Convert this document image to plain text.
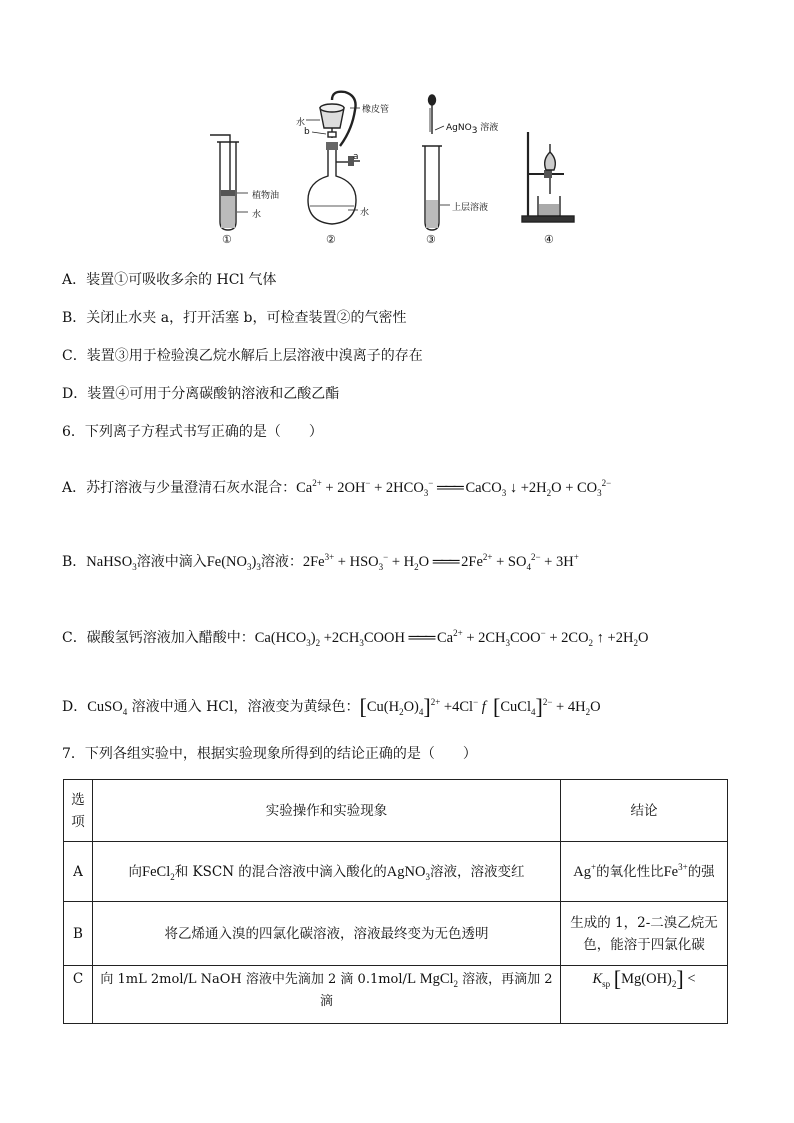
植物油
水
橡皮管
水
b
a
水
AgNO$_3$ 溶液
上层溶液
①	②	③	④
A．装置①可吸收多余的 HCl 气体
B．关闭止水夹 a，打开活塞 b，可检查装置②的气密性
C．装置③用于检验溴乙烷水解后上层溶液中溴离子的存在
D．装置④可用于分离碳酸钠溶液和乙酸乙酯
6．下列离子方程式书写正确的是（　　）
A．苏打溶液与少量澄清石灰水混合：$Ca^{2+} + 2OH^- + 2HCO_3^-$ ═══ CaCO$_3$ ↓ $+2H_2O + CO_3^{2-}$
B．NaHSO$_3$溶液中滴入$Fe(NO_3)_3$溶液：$2Fe^{3+} + HSO_3^- + H_2O$ ═══ $2Fe^{2+} + SO_4^{2-} + 3H^+$
C．碳酸氢钙溶液加入醋酸中：$Ca(HCO_3)_2$ $+2CH_3COOH$ ═══ $Ca^{2+} + 2CH_3COO^- + 2CO_2$ ↑ $+2H_2O$
D．CuSO$_4$ 溶液中通入 HCl，溶液变为黄绿色：$[Cu(H_2O)_4]^{2+} +4Cl^-$ f [CuCl$_4$]$^{2-}$ + $4H_2O$
7．下列各组实验中，根据实验现象所得到的结论正确的是（　　）
选
项	实验操作和实验现象	结论
A	向FeCl$_2$和 KSCN 的混合溶液中滴入酸化的AgNO$_3$溶液，溶液变红	Ag+的氧化性比$Fe^{3+}$的强
B	将乙烯通入溴的四氯化碳溶液，溶液最终变为无色透明	生成的 1，2-二溴乙烷无
色，能溶于四氯化碳
C	向 1mL 2mol/L NaOH 溶液中先滴加 2 滴 0.1mol/L MgCl$_2$ 溶液，再滴加 2 滴	$K_{sp}$ $[Mg(OH)_2]$ <
